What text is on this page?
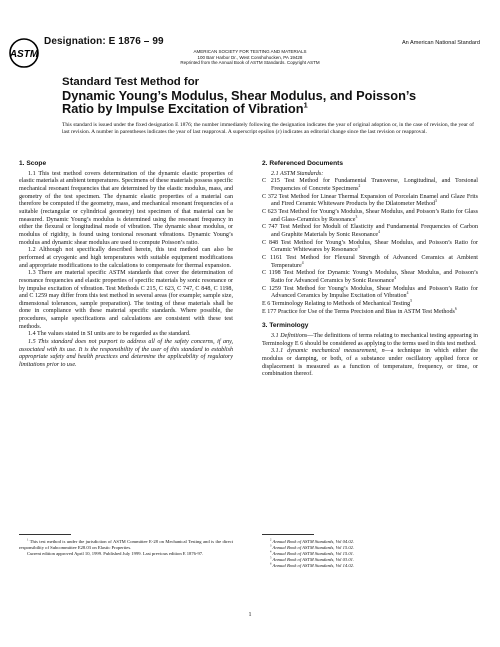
ASTM
Designation: E 1876 – 99	An American National Standard
AMERICAN SOCIETY FOR TESTING AND MATERIALS
100 Barr Harbor Dr., West Conshohocken, PA 19428
Reprinted from the Annual Book of ASTM Standards. Copyright ASTM
Standard Test Method for
Dynamic Young’s Modulus, Shear Modulus, and Poisson’s
Ratio by Impulse Excitation of Vibration$^1$
This standard is issued under the fixed designation E 1876; the number immediately following the designation indicates the year of original adoption or, in the case of revision, the year of last revision. A number in parentheses indicates the year of last reapproval. A superscript epsilon (ε) indicates an editorial change since the last revision or reapproval.
1. Scope

1.1 This test method covers determination of the dynamic elastic properties of elastic materials at ambient temperatures. Specimens of these materials possess specific mechanical resonant frequencies that are determined by the elastic modulus, mass, and geometry of the test specimen. The dynamic elastic properties of a material can therefore be computed if the geometry, mass, and mechanical resonant frequencies of a suitable (rectangular or cylindrical geometry) test specimen of that material can be measured. Dynamic Young’s modulus is determined using the resonant frequency in either the flexural or longitudinal mode of vibration. The dynamic shear modulus, or modulus of rigidity, is found using torsional resonant vibrations. Dynamic Young’s modulus and dynamic shear modulus are used to compute Poisson’s ratio.

1.2 Although not specifically described herein, this test method can also be performed at cryogenic and high temperatures with suitable equipment modifications and appropriate modifications to the calculations to compensate for thermal expansion.

1.3 There are material specific ASTM standards that cover the determination of resonance frequencies and elastic properties of specific materials by sonic resonance or by impulse excitation of vibration. Test Methods C 215, C 623, C 747, C 848, C 1198, and C 1259 may differ from this test method in several areas (for example; sample size, dimensional tolerances, sample preparation). The testing of these materials shall be done in compliance with these material specific standards. Where possible, the procedures, sample specifications and calculations are consistent with these test methods.

1.4 The values stated in SI units are to be regarded as the standard.

1.5 This standard does not purport to address all of the safety concerns, if any, associated with its use. It is the responsibility of the user of this standard to establish appropriate safety and health practices and determine the applicability of regulatory limitations prior to use.

2. Referenced Documents

2.1 ASTM Standards:

C 215 Test Method for Fundamental Transverse, Longitudinal, and Torsional Frequencies of Concrete Specimens$^2$

C 372 Test Method for Linear Thermal Expansion of Porcelain Enamel and Glaze Frits and Fired Ceramic Whiteware Products by the Dilatometer Method$^3$

C 623 Test Method for Young’s Modulus, Shear Modulus, and Poisson’s Ratio for Glass and Glass-Ceramics by Resonance$^3$

C 747 Test Method for Moduli of Elasticity and Fundamental Frequencies of Carbon and Graphite Materials by Sonic Resonance$^4$

C 848 Test Method for Young’s Modulus, Shear Modulus, and Poisson’s Ratio for Ceramic Whitewares by Resonance$^3$

C 1161 Test Method for Flexural Strength of Advanced Ceramics at Ambient Temperature$^4$

C 1198 Test Method for Dynamic Young’s Modulus, Shear Modulus, and Poisson’s Ratio for Advanced Ceramics by Sonic Resonance$^4$

C 1259 Test Method for Young’s Modulus, Shear Modulus and Poisson’s Ratio for Advanced Ceramics by Impulse Excitation of Vibration$^4$

E 6 Terminology Relating to Methods of Mechanical Testing$^5$

E 177 Practice for Use of the Terms Precision and Bias in ASTM Test Methods$^6$

3. Terminology

3.1 Definitions—The definitions of terms relating to mechanical testing appearing in Terminology E 6 should be considered as applying to the terms used in this test method.

3.1.1 dynamic mechanical measurement, n—a technique in which either the modulus or damping, or both, of a substance under oscillatory applied force or displacement is measured as a function of temperature, frequency, or time, or combination thereof.

$^1$ This test method is under the jurisdiction of ASTM Committee E-28 on Mechanical Testing and is the direct responsibility of Subcommittee E28.03 on Elastic Properties.

Current edition approved April 10, 1999. Published July 1999. Last previous edition E 1876-97.

$^2$ Annual Book of ASTM Standards, Vol 04.02.

$^3$ Annual Book of ASTM Standards, Vol 15.02.

$^4$ Annual Book of ASTM Standards, Vol 15.01.

$^5$ Annual Book of ASTM Standards, Vol 03.01.

$^6$ Annual Book of ASTM Standards, Vol 14.02.

1
